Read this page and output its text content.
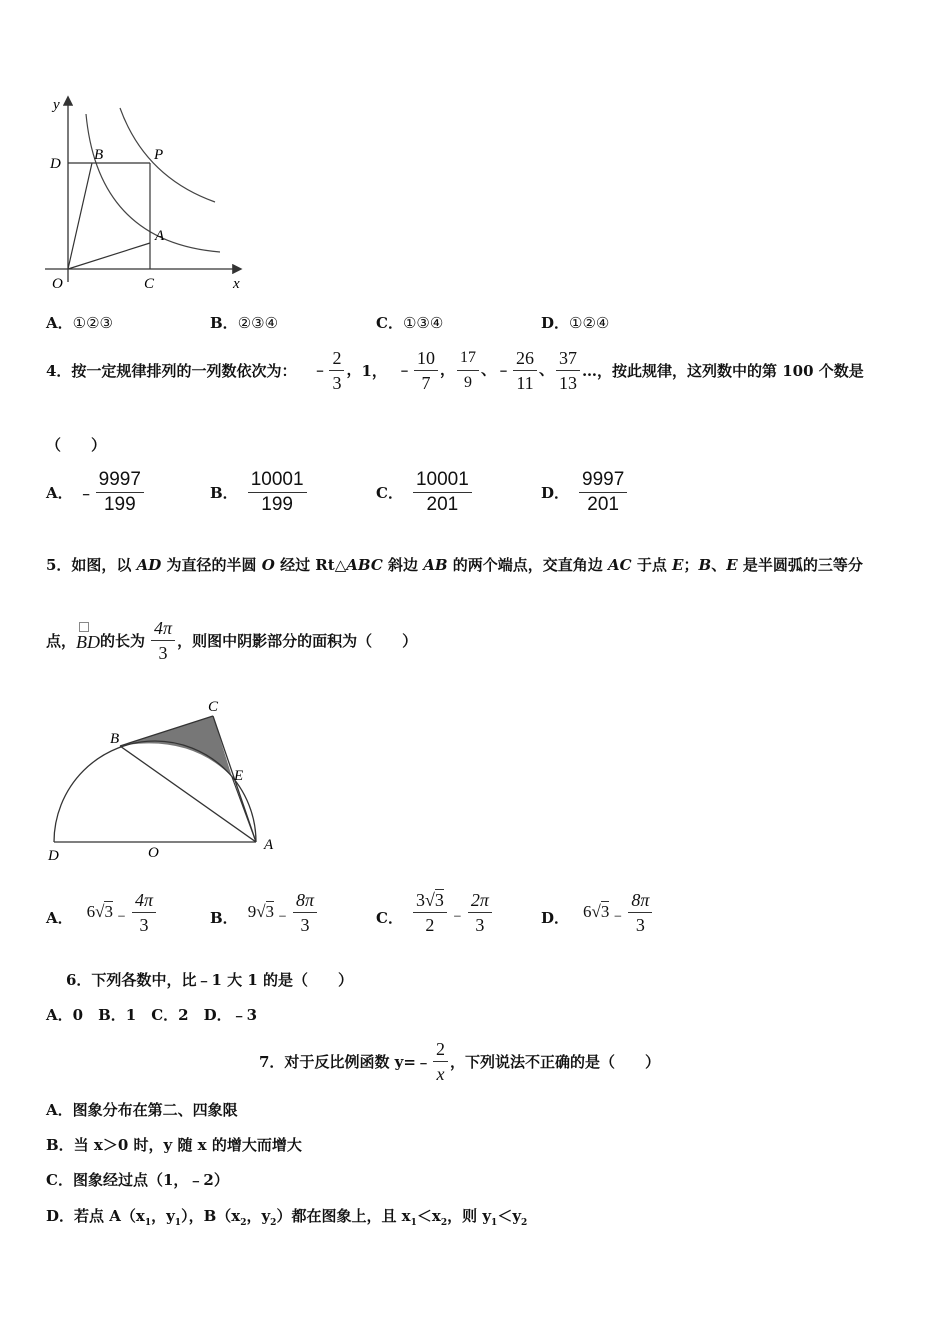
y
D
B	P
A
O	C	x
A．①②③	B．②③④	C．①③④	D．①②④
4．按一定规律排列的一列数依次为： ﹣ $\frac{2}{3}$ ， 1， ﹣ $\frac{10}{7}$ ， $\frac{17}{9}$ 、 ﹣ $\frac{26}{11}$ 、 $\frac{37}{13}$ …，按此规律，这列数中的第 100 个数是
（　　）
A． ﹣ $\frac{9997}{199}$	B． $\frac{10001}{199}$	C． $\frac{10001}{201}$	D． $\frac{9997}{201}$
5．如图，以 AD 为直径的半圆 O 经过 Rt△ABC 斜边 AB 的两个端点，交直角边 AC 于点 E；B、E 是半圆弧的三等分
点， BD 的长为 $\frac{4\pi}{3}$ ，则图中阴影部分的面积为（　　）
C
B
E
D	O	A
A． 6√3 ﹣ $\frac{4\pi}{3}$	B． 9√3 ﹣ $\frac{8\pi}{3}$	C． $\frac{3√3}{2}$ ﹣ $\frac{2\pi}{3}$	D． 6√3 ﹣ $\frac{8\pi}{3}$
6．下列各数中，比﹣1 大 1 的是（　　）
A．0　B．1　C．2　D．﹣3
7．对于反比例函数 y=﹣ $\frac{2}{x}$ ，下列说法不正确的是（　　）
A．图象分布在第二、四象限
B．当 x＞0 时，y 随 x 的增大而增大
C．图象经过点（1，﹣2）
D．若点 $A(x_1$，$y_1$），$B(x_2$，$y_2$）都在图象上，且 $x_1<x_2$，则 $y_1<y_2$
